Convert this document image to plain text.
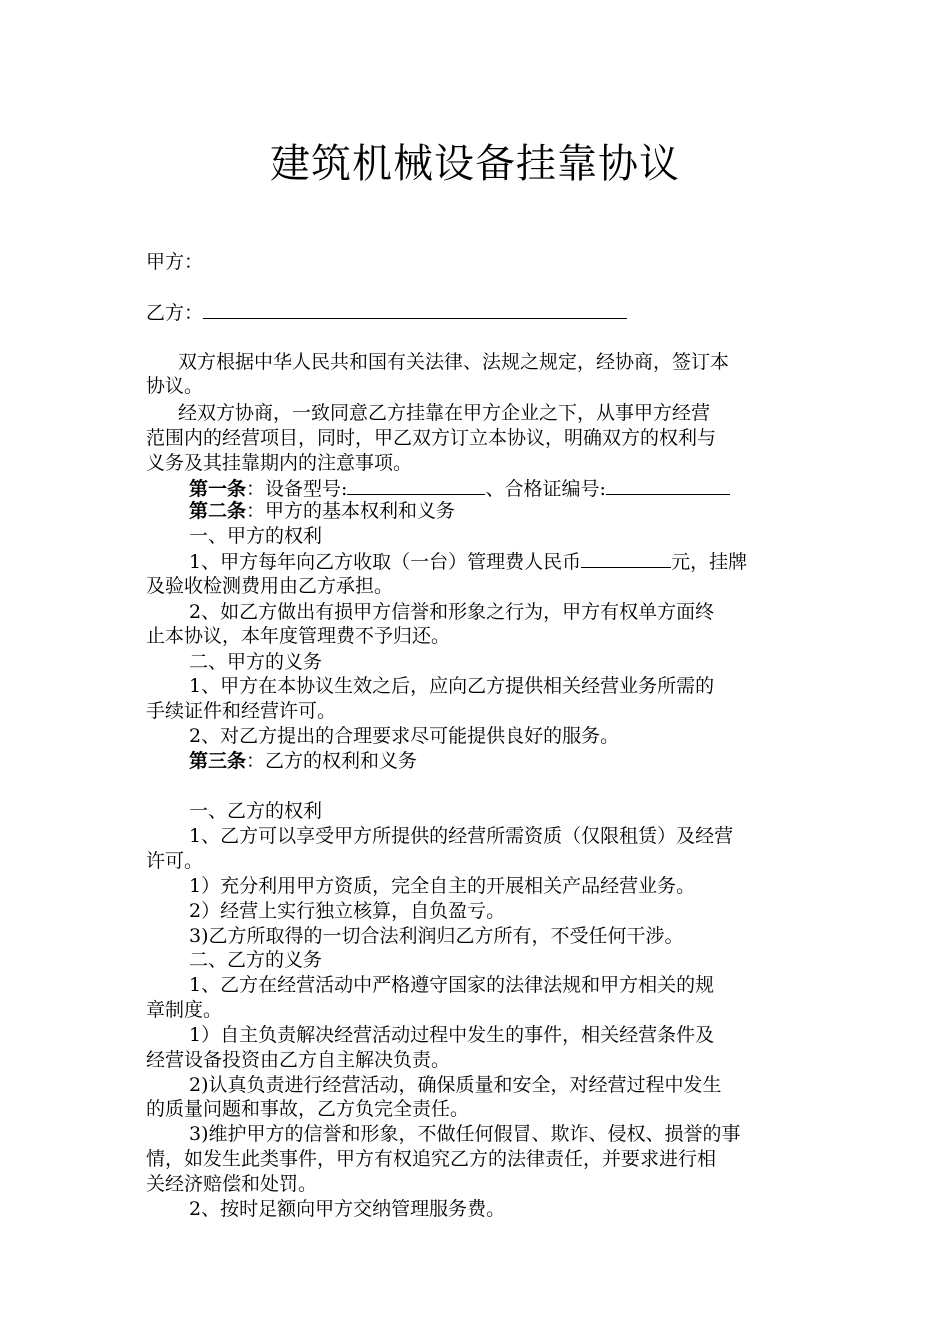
建筑机械设备挂靠协议
甲方：
乙方：
双方根据中华人民共和国有关法律、法规之规定，经协商，签订本
协议。
经双方协商，一致同意乙方挂靠在甲方企业之下，从事甲方经营
范围内的经营项目，同时，甲乙双方订立本协议，明确双方的权利与
义务及其挂靠期内的注意事项。
第一条：设备型号:	、合格证编号:
第二条：甲方的基本权利和义务
一、甲方的权利
1、甲方每年向乙方收取（一台）管理费人民币	元，挂牌
及验收检测费用由乙方承担。
2、如乙方做出有损甲方信誉和形象之行为，甲方有权单方面终
止本协议，本年度管理费不予归还。
二、甲方的义务
1、甲方在本协议生效之后，应向乙方提供相关经营业务所需的
手续证件和经营许可。
2、对乙方提出的合理要求尽可能提供良好的服务。
第三条：乙方的权利和义务
一、乙方的权利
1、乙方可以享受甲方所提供的经营所需资质（仅限租赁）及经营
许可。
1）充分利用甲方资质，完全自主的开展相关产品经营业务。
2）经营上实行独立核算，自负盈亏。
3)乙方所取得的一切合法利润归乙方所有，不受任何干涉。
二、乙方的义务
1、乙方在经营活动中严格遵守国家的法律法规和甲方相关的规
章制度。
1）自主负责解决经营活动过程中发生的事件，相关经营条件及
经营设备投资由乙方自主解决负责。
2)认真负责进行经营活动，确保质量和安全，对经营过程中发生
的质量问题和事故，乙方负完全责任。
3)维护甲方的信誉和形象，不做任何假冒、欺诈、侵权、损誉的事
情，如发生此类事件，甲方有权追究乙方的法律责任，并要求进行相
关经济赔偿和处罚。
2、按时足额向甲方交纳管理服务费。
